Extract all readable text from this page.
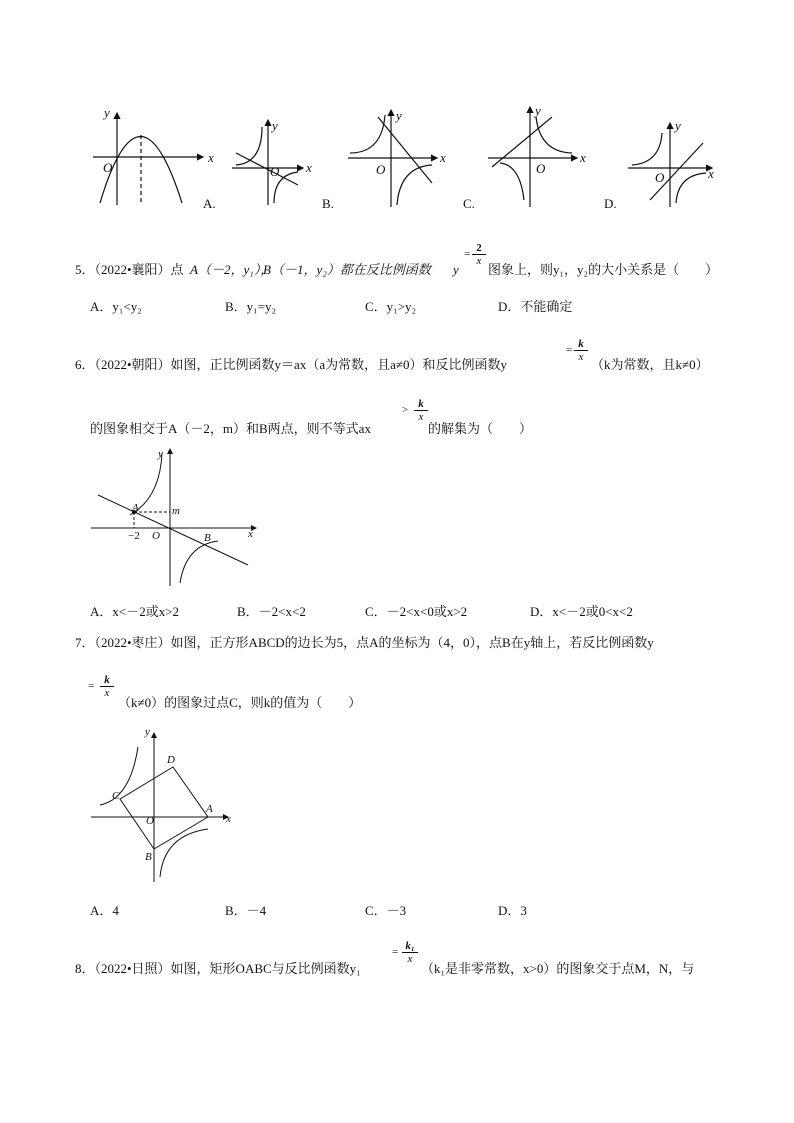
y
x
O
y
x
O
A.
y
x
O
B.
y
x
O
C.
y
x
O
D.
5．（2022•襄阳）点 A（－2，y₁），
B（－1，y₂）都在反比例函数 y
= 2
x
图象上，则y₁，y₂的大小关系是（　　）
A．y₁<y₂	B．y₁=y₂	C．y₁>y₂	D．不能确定
6．（2022•朝阳）如图，正比例函数y＝ax（a为常数，且a≠0）和反比例函数y
= k
x （k为常数，且k≠0）
的图象相交于A（－2，m）和B两点，则不等式ax
> k
x
的解集为（　　）
y
x
O
A
B
m
−2
A．x<－2或x>2	B．－2<x<2	C．－2<x<0或x>2	D．x<－2或0<x<2
7．（2022•枣庄）如图，正方形ABCD的边长为5，点A的坐标为（4，0），点B在y轴上，若反比例函数y
= k
x
（k≠0）的图象过点C，则k的值为（　　）
y
x
O
A
B
C
D
A．4	B．－4	C．－3	D．3
8．（2022•日照）如图，矩形OABC与反比例函数y₁
= k₁
x
（k₁是非零常数，x>0）的图象交于点M，N，与
